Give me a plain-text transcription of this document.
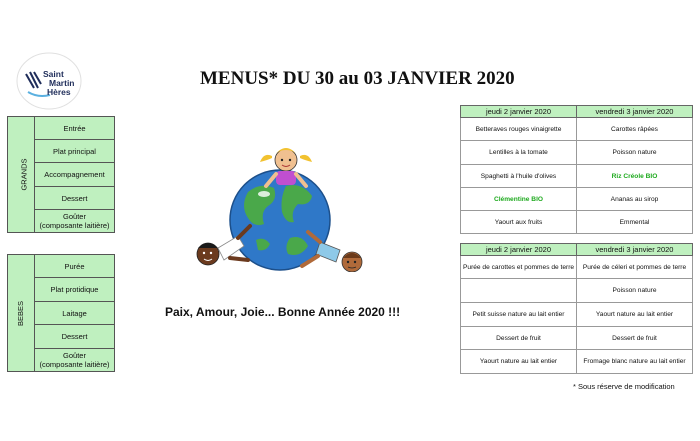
Saint
Martin
Hères
MENUS* DU 30 au 03 JANVIER 2020
GRANDS	Entrée
Plat principal
Accompagnement
Dessert
Goûter
(composante laitière)
BEBES	Purée
Plat protidique
Laitage
Dessert
Goûter
(composante laitière)
jeudi 2 janvier 2020	vendredi 3 janvier 2020
Betteraves rouges vinaigrette	Carottes râpées
Lentilles à la tomate	Poisson nature
Spaghetti à l'huile d'olives	Riz Créole BIO
Clémentine BIO	Ananas au sirop
Yaourt aux fruits	Emmental
jeudi 2 janvier 2020	vendredi 3 janvier 2020
Purée de carottes et pommes de terre	Purée de céleri et pommes de terre
	Poisson nature
Petit suisse nature au lait entier	Yaourt nature au lait entier
Dessert de fruit	Dessert de fruit
Yaourt nature au lait entier	Fromage blanc nature au lait entier
Paix, Amour, Joie... Bonne Année 2020 !!!
* Sous réserve de modification
